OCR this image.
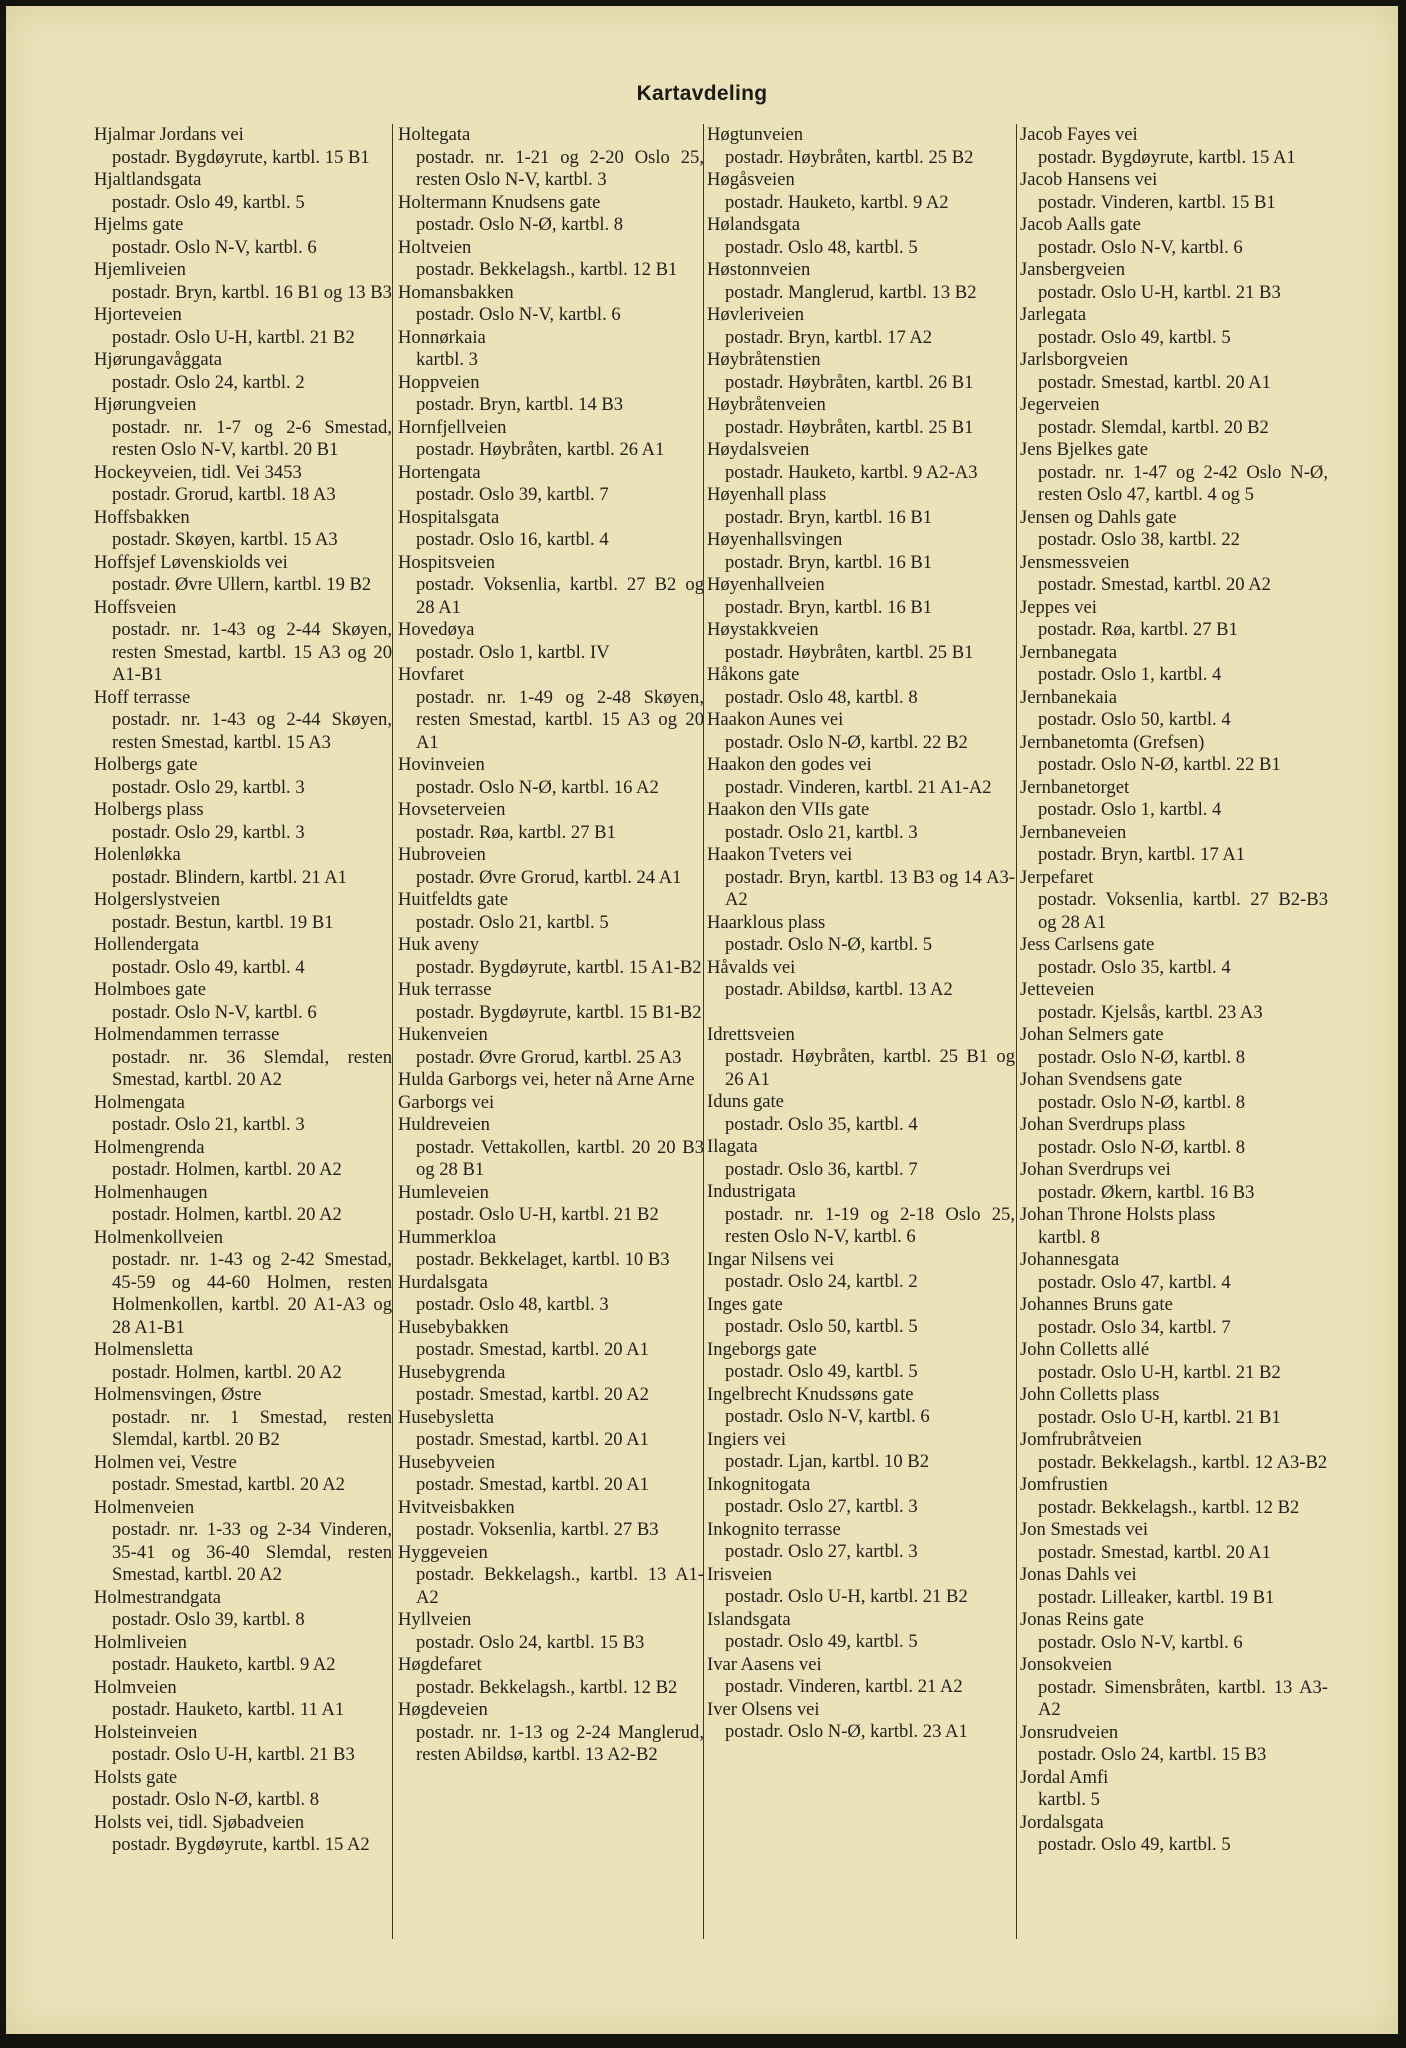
Kartavdeling
Hjalmar Jordans vei
postadr. Bygdøyrute, kartbl. 15 B1
Hjaltlandsgata
postadr. Oslo 49, kartbl. 5
Hjelms gate
postadr. Oslo N-V, kartbl. 6
Hjemliveien
postadr. Bryn, kartbl. 16 B1 og 13 B3
Hjorteveien
postadr. Oslo U-H, kartbl. 21 B2
Hjørungavåggata
postadr. Oslo 24, kartbl. 2
Hjørungveien
postadr. nr. 1-7 og 2-6 Smestad, resten Oslo N-V, kartbl. 20 B1
Hockeyveien, tidl. Vei 3453
postadr. Grorud, kartbl. 18 A3
Hoffsbakken
postadr. Skøyen, kartbl. 15 A3
Hoffsjef Løvenskiolds vei
postadr. Øvre Ullern, kartbl. 19 B2
Hoffsveien
postadr. nr. 1-43 og 2-44 Skøyen, resten Smestad, kartbl. 15 A3 og 20 A1-B1
Hoff terrasse
postadr. nr. 1-43 og 2-44 Skøyen, resten Smestad, kartbl. 15 A3
Holbergs gate
postadr. Oslo 29, kartbl. 3
Holbergs plass
postadr. Oslo 29, kartbl. 3
Holenløkka
postadr. Blindern, kartbl. 21 A1
Holgerslystveien
postadr. Bestun, kartbl. 19 B1
Hollendergata
postadr. Oslo 49, kartbl. 4
Holmboes gate
postadr. Oslo N-V, kartbl. 6
Holmendammen terrasse
postadr. nr. 36 Slemdal, resten Smestad, kartbl. 20 A2
Holmengata
postadr. Oslo 21, kartbl. 3
Holmengrenda
postadr. Holmen, kartbl. 20 A2
Holmenhaugen
postadr. Holmen, kartbl. 20 A2
Holmenkollveien
postadr. nr. 1-43 og 2-42 Smestad, 45-59 og 44-60 Holmen, resten Holmenkollen, kartbl. 20 A1-A3 og 28 A1-B1
Holmensletta
postadr. Holmen, kartbl. 20 A2
Holmensvingen, Østre
postadr. nr. 1 Smestad, resten Slemdal, kartbl. 20 B2
Holmen vei, Vestre
postadr. Smestad, kartbl. 20 A2
Holmenveien
postadr. nr. 1-33 og 2-34 Vinderen, 35-41 og 36-40 Slemdal, resten Smestad, kartbl. 20 A2
Holmestrandgata
postadr. Oslo 39, kartbl. 8
Holmliveien
postadr. Hauketo, kartbl. 9 A2
Holmveien
postadr. Hauketo, kartbl. 11 A1
Holsteinveien
postadr. Oslo U-H, kartbl. 21 B3
Holsts gate
postadr. Oslo N-Ø, kartbl. 8
Holsts vei, tidl. Sjøbadveien
postadr. Bygdøyrute, kartbl. 15 A2
Holtegata
postadr. nr. 1-21 og 2-20 Oslo 25, resten Oslo N-V, kartbl. 3
Holtermann Knudsens gate
postadr. Oslo N-Ø, kartbl. 8
Holtveien
postadr. Bekkelagsh., kartbl. 12 B1
Homansbakken
postadr. Oslo N-V, kartbl. 6
Honnørkaia
kartbl. 3
Hoppveien
postadr. Bryn, kartbl. 14 B3
Hornfjellveien
postadr. Høybråten, kartbl. 26 A1
Hortengata
postadr. Oslo 39, kartbl. 7
Hospitalsgata
postadr. Oslo 16, kartbl. 4
Hospitsveien
postadr. Voksenlia, kartbl. 27 B2 og 28 A1
Hovedøya
postadr. Oslo 1, kartbl. IV
Hovfaret
postadr. nr. 1-49 og 2-48 Skøyen, resten Smestad, kartbl. 15 A3 og 20 A1
Hovinveien
postadr. Oslo N-Ø, kartbl. 16 A2
Hovseterveien
postadr. Røa, kartbl. 27 B1
Hubroveien
postadr. Øvre Grorud, kartbl. 24 A1
Huitfeldts gate
postadr. Oslo 21, kartbl. 5
Huk aveny
postadr. Bygdøyrute, kartbl. 15 A1-B2
Huk terrasse
postadr. Bygdøyrute, kartbl. 15 B1-B2
Hukenveien
postadr. Øvre Grorud, kartbl. 25 A3
Hulda Garborgs vei, heter nå Arne Arne Garborgs vei
Huldreveien
postadr. Vettakollen, kartbl. 20 20 B3 og 28 B1
Humleveien
postadr. Oslo U-H, kartbl. 21 B2
Hummerkloa
postadr. Bekkelaget, kartbl. 10 B3
Hurdalsgata
postadr. Oslo 48, kartbl. 3
Husebybakken
postadr. Smestad, kartbl. 20 A1
Husebygrenda
postadr. Smestad, kartbl. 20 A2
Husebysletta
postadr. Smestad, kartbl. 20 A1
Husebyveien
postadr. Smestad, kartbl. 20 A1
Hvitveisbakken
postadr. Voksenlia, kartbl. 27 B3
Hyggeveien
postadr. Bekkelagsh., kartbl. 13 A1-A2
Hyllveien
postadr. Oslo 24, kartbl. 15 B3
Høgdefaret
postadr. Bekkelagsh., kartbl. 12 B2
Høgdeveien
postadr. nr. 1-13 og 2-24 Manglerud, resten Abildsø, kartbl. 13 A2-B2
Høgtunveien
postadr. Høybråten, kartbl. 25 B2
Høgåsveien
postadr. Hauketo, kartbl. 9 A2
Hølandsgata
postadr. Oslo 48, kartbl. 5
Høstonnveien
postadr. Manglerud, kartbl. 13 B2
Høvleriveien
postadr. Bryn, kartbl. 17 A2
Høybråtenstien
postadr. Høybråten, kartbl. 26 B1
Høybråtenveien
postadr. Høybråten, kartbl. 25 B1
Høydalsveien
postadr. Hauketo, kartbl. 9 A2-A3
Høyenhall plass
postadr. Bryn, kartbl. 16 B1
Høyenhallsvingen
postadr. Bryn, kartbl. 16 B1
Høyenhallveien
postadr. Bryn, kartbl. 16 B1
Høystakkveien
postadr. Høybråten, kartbl. 25 B1
Håkons gate
postadr. Oslo 48, kartbl. 8
Haakon Aunes vei
postadr. Oslo N-Ø, kartbl. 22 B2
Haakon den godes vei
postadr. Vinderen, kartbl. 21 A1-A2
Haakon den VIIs gate
postadr. Oslo 21, kartbl. 3
Haakon Tveters vei
postadr. Bryn, kartbl. 13 B3 og 14 A3-A2
Haarklous plass
postadr. Oslo N-Ø, kartbl. 5
Håvalds vei
postadr. Abildsø, kartbl. 13 A2
Idrettsveien
postadr. Høybråten, kartbl. 25 B1 og 26 A1
Iduns gate
postadr. Oslo 35, kartbl. 4
Ilagata
postadr. Oslo 36, kartbl. 7
Industrigata
postadr. nr. 1-19 og 2-18 Oslo 25, resten Oslo N-V, kartbl. 6
Ingar Nilsens vei
postadr. Oslo 24, kartbl. 2
Inges gate
postadr. Oslo 50, kartbl. 5
Ingeborgs gate
postadr. Oslo 49, kartbl. 5
Ingelbrecht Knudssøns gate
postadr. Oslo N-V, kartbl. 6
Ingiers vei
postadr. Ljan, kartbl. 10 B2
Inkognitogata
postadr. Oslo 27, kartbl. 3
Inkognito terrasse
postadr. Oslo 27, kartbl. 3
Irisveien
postadr. Oslo U-H, kartbl. 21 B2
Islandsgata
postadr. Oslo 49, kartbl. 5
Ivar Aasens vei
postadr. Vinderen, kartbl. 21 A2
Iver Olsens vei
postadr. Oslo N-Ø, kartbl. 23 A1
Jacob Fayes vei
postadr. Bygdøyrute, kartbl. 15 A1
Jacob Hansens vei
postadr. Vinderen, kartbl. 15 B1
Jacob Aalls gate
postadr. Oslo N-V, kartbl. 6
Jansbergveien
postadr. Oslo U-H, kartbl. 21 B3
Jarlegata
postadr. Oslo 49, kartbl. 5
Jarlsborgveien
postadr. Smestad, kartbl. 20 A1
Jegerveien
postadr. Slemdal, kartbl. 20 B2
Jens Bjelkes gate
postadr. nr. 1-47 og 2-42 Oslo N-Ø, resten Oslo 47, kartbl. 4 og 5
Jensen og Dahls gate
postadr. Oslo 38, kartbl. 22
Jensmessveien
postadr. Smestad, kartbl. 20 A2
Jeppes vei
postadr. Røa, kartbl. 27 B1
Jernbanegata
postadr. Oslo 1, kartbl. 4
Jernbanekaia
postadr. Oslo 50, kartbl. 4
Jernbanetomta (Grefsen)
postadr. Oslo N-Ø, kartbl. 22 B1
Jernbanetorget
postadr. Oslo 1, kartbl. 4
Jernbaneveien
postadr. Bryn, kartbl. 17 A1
Jerpefaret
postadr. Voksenlia, kartbl. 27 B2-B3 og 28 A1
Jess Carlsens gate
postadr. Oslo 35, kartbl. 4
Jetteveien
postadr. Kjelsås, kartbl. 23 A3
Johan Selmers gate
postadr. Oslo N-Ø, kartbl. 8
Johan Svendsens gate
postadr. Oslo N-Ø, kartbl. 8
Johan Sverdrups plass
postadr. Oslo N-Ø, kartbl. 8
Johan Sverdrups vei
postadr. Økern, kartbl. 16 B3
Johan Throne Holsts plass
kartbl. 8
Johannesgata
postadr. Oslo 47, kartbl. 4
Johannes Bruns gate
postadr. Oslo 34, kartbl. 7
John Colletts allé
postadr. Oslo U-H, kartbl. 21 B2
John Colletts plass
postadr. Oslo U-H, kartbl. 21 B1
Jomfrubråtveien
postadr. Bekkelagsh., kartbl. 12 A3-B2
Jomfrustien
postadr. Bekkelagsh., kartbl. 12 B2
Jon Smestads vei
postadr. Smestad, kartbl. 20 A1
Jonas Dahls vei
postadr. Lilleaker, kartbl. 19 B1
Jonas Reins gate
postadr. Oslo N-V, kartbl. 6
Jonsokveien
postadr. Simensbråten, kartbl. 13 A3-A2
Jonsrudveien
postadr. Oslo 24, kartbl. 15 B3
Jordal Amfi
kartbl. 5
Jordalsgata
postadr. Oslo 49, kartbl. 5
